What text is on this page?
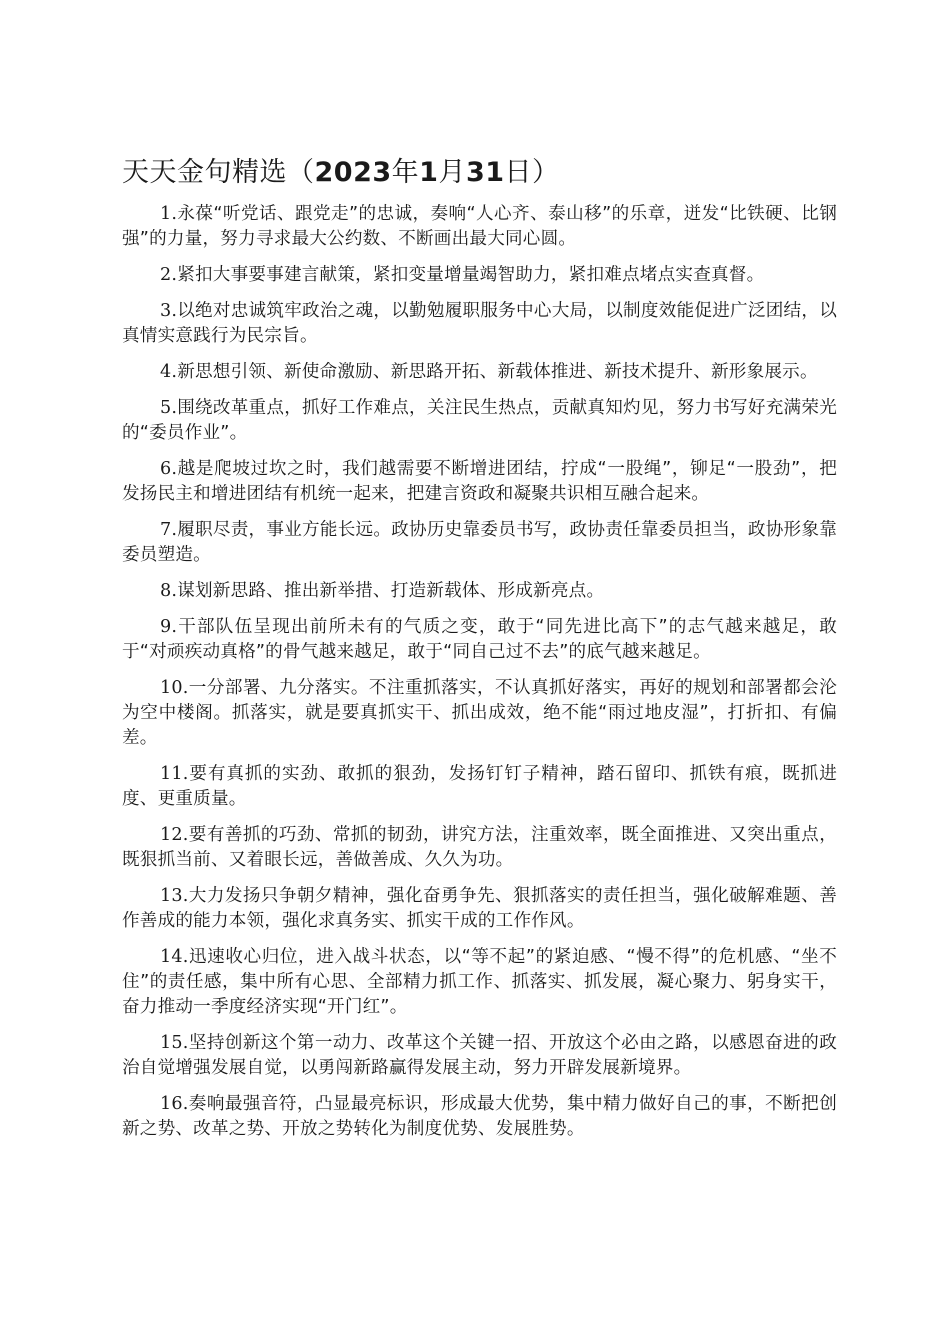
天天金句精选（2023年1月31日）

1.永葆“听党话、跟党走”的忠诚，奏响“人心齐、泰山移”的乐章，迸发“比铁硬、比钢强”的力量，努力寻求最大公约数、不断画出最大同心圆。

2.紧扣大事要事建言献策，紧扣变量增量竭智助力，紧扣难点堵点实查真督。

3.以绝对忠诚筑牢政治之魂，以勤勉履职服务中心大局，以制度效能促进广泛团结，以真情实意践行为民宗旨。

4.新思想引领、新使命激励、新思路开拓、新载体推进、新技术提升、新形象展示。

5.围绕改革重点，抓好工作难点，关注民生热点，贡献真知灼见，努力书写好充满荣光的“委员作业”。

6.越是爬坡过坎之时，我们越需要不断增进团结，拧成“一股绳”，铆足“一股劲”，把发扬民主和增进团结有机统一起来，把建言资政和凝聚共识相互融合起来。

7.履职尽责，事业方能长远。政协历史靠委员书写，政协责任靠委员担当，政协形象靠委员塑造。

8.谋划新思路、推出新举措、打造新载体、形成新亮点。

9.干部队伍呈现出前所未有的气质之变，敢于“同先进比高下”的志气越来越足，敢于“对顽疾动真格”的骨气越来越足，敢于“同自己过不去”的底气越来越足。

10.一分部署、九分落实。不注重抓落实，不认真抓好落实，再好的规划和部署都会沦为空中楼阁。抓落实，就是要真抓实干、抓出成效，绝不能“雨过地皮湿”，打折扣、有偏差。

11.要有真抓的实劲、敢抓的狠劲，发扬钉钉子精神，踏石留印、抓铁有痕，既抓进度、更重质量。

12.要有善抓的巧劲、常抓的韧劲，讲究方法，注重效率，既全面推进、又突出重点，既狠抓当前、又着眼长远，善做善成、久久为功。

13.大力发扬只争朝夕精神，强化奋勇争先、狠抓落实的责任担当，强化破解难题、善作善成的能力本领，强化求真务实、抓实干成的工作作风。

14.迅速收心归位，进入战斗状态，以“等不起”的紧迫感、“慢不得”的危机感、“坐不住”的责任感，集中所有心思、全部精力抓工作、抓落实、抓发展，凝心聚力、躬身实干，奋力推动一季度经济实现“开门红”。

15.坚持创新这个第一动力、改革这个关键一招、开放这个必由之路，以感恩奋进的政治自觉增强发展自觉，以勇闯新路赢得发展主动，努力开辟发展新境界。

16.奏响最强音符，凸显最亮标识，形成最大优势，集中精力做好自己的事，不断把创新之势、改革之势、开放之势转化为制度优势、发展胜势。
